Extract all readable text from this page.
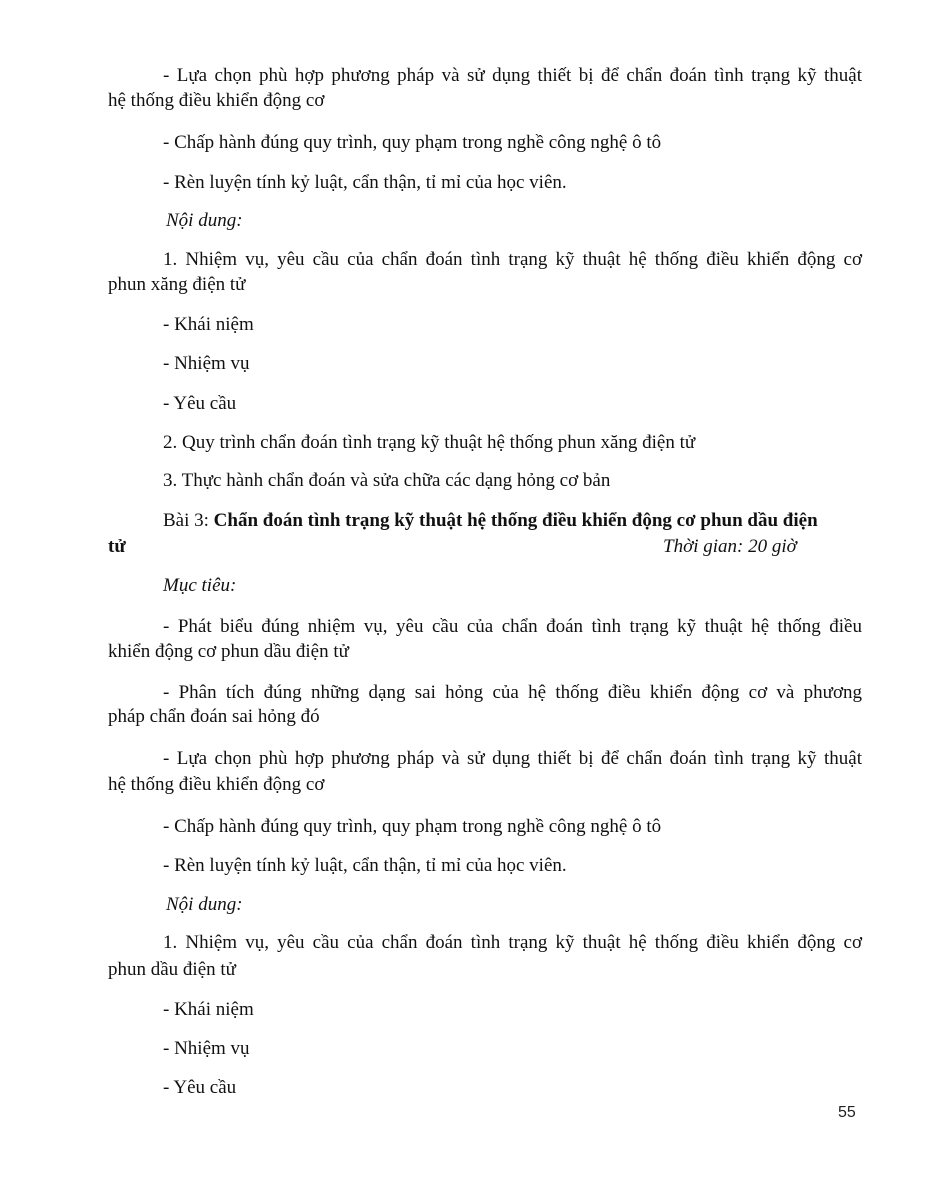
- Lựa chọn phù hợp phương pháp và sử dụng thiết bị để chẩn đoán tình trạng kỹ thuật
hệ thống điều khiển động cơ
- Chấp hành đúng quy trình, quy phạm trong nghề công nghệ ô tô
- Rèn luyện tính kỷ luật, cẩn thận, tỉ mỉ của học viên.
Nội dung:
1. Nhiệm vụ, yêu cầu của chẩn đoán tình trạng kỹ thuật hệ thống điều khiển động cơ
phun xăng điện tử
- Khái niệm
- Nhiệm vụ
- Yêu cầu
2. Quy trình chẩn đoán tình trạng kỹ thuật hệ thống phun xăng điện tử
3. Thực hành chẩn đoán và sửa chữa các dạng hỏng cơ bản
Bài 3: Chẩn đoán tình trạng kỹ thuật hệ thống điều khiển động cơ phun dầu điện
tử	Thời gian: 20 giờ
Mục tiêu:
- Phát biểu đúng nhiệm vụ, yêu cầu của chẩn đoán tình trạng kỹ thuật hệ thống điều
khiển động cơ phun dầu điện tử
- Phân tích đúng những dạng sai hỏng của hệ thống điều khiển động cơ và phương
pháp chẩn đoán sai hỏng đó
- Lựa chọn phù hợp phương pháp và sử dụng thiết bị để chẩn đoán tình trạng kỹ thuật
hệ thống điều khiển động cơ
- Chấp hành đúng quy trình, quy phạm trong nghề công nghệ ô tô
- Rèn luyện tính kỷ luật, cẩn thận, tỉ mỉ của học viên.
Nội dung:
1. Nhiệm vụ, yêu cầu của chẩn đoán tình trạng kỹ thuật hệ thống điều khiển động cơ
phun dầu điện tử
- Khái niệm
- Nhiệm vụ
- Yêu cầu
55
